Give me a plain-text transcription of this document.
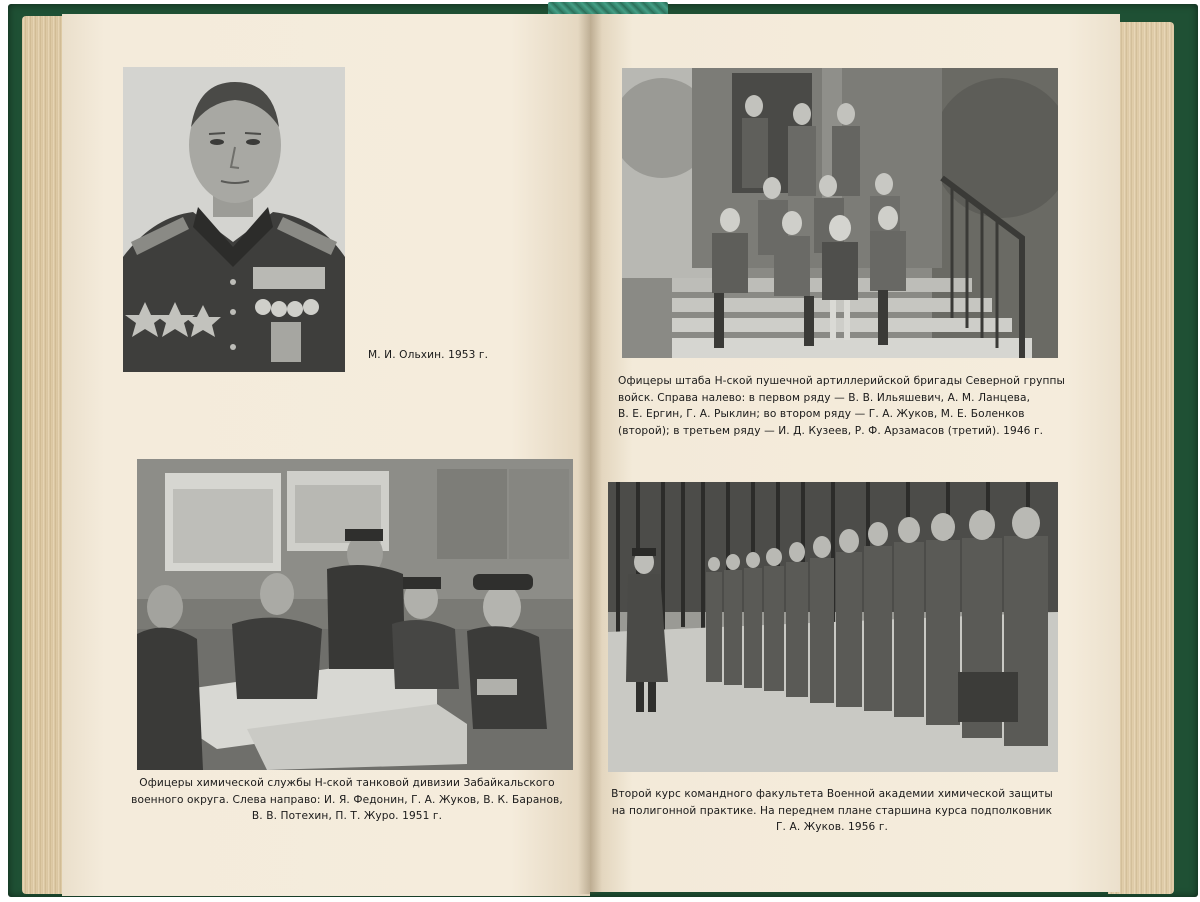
М. И. Ольхин. 1953 г.
Офицеры химической службы Н-ской танковой дивизии Забайкальского
военного округа. Слева направо: И. Я. Федонин, Г. А. Жуков, В. К. Баранов,
В. В. Потехин, П. Т. Журо. 1951 г.
Офицеры штаба Н-ской пушечной артиллерийской бригады Северной группы
войск. Справа налево: в первом ряду — В. В. Ильяшевич, А. М. Ланцева,
В. Е. Ергин, Г. А. Рыклин; во втором ряду — Г. А. Жуков, М. Е. Боленков
(второй); в третьем ряду — И. Д. Кузеев, Р. Ф. Арзамасов (третий). 1946 г.
Второй курс командного факультета Военной академии химической защиты
на полигонной практике. На переднем плане старшина курса подполковник
Г. А. Жуков. 1956 г.
